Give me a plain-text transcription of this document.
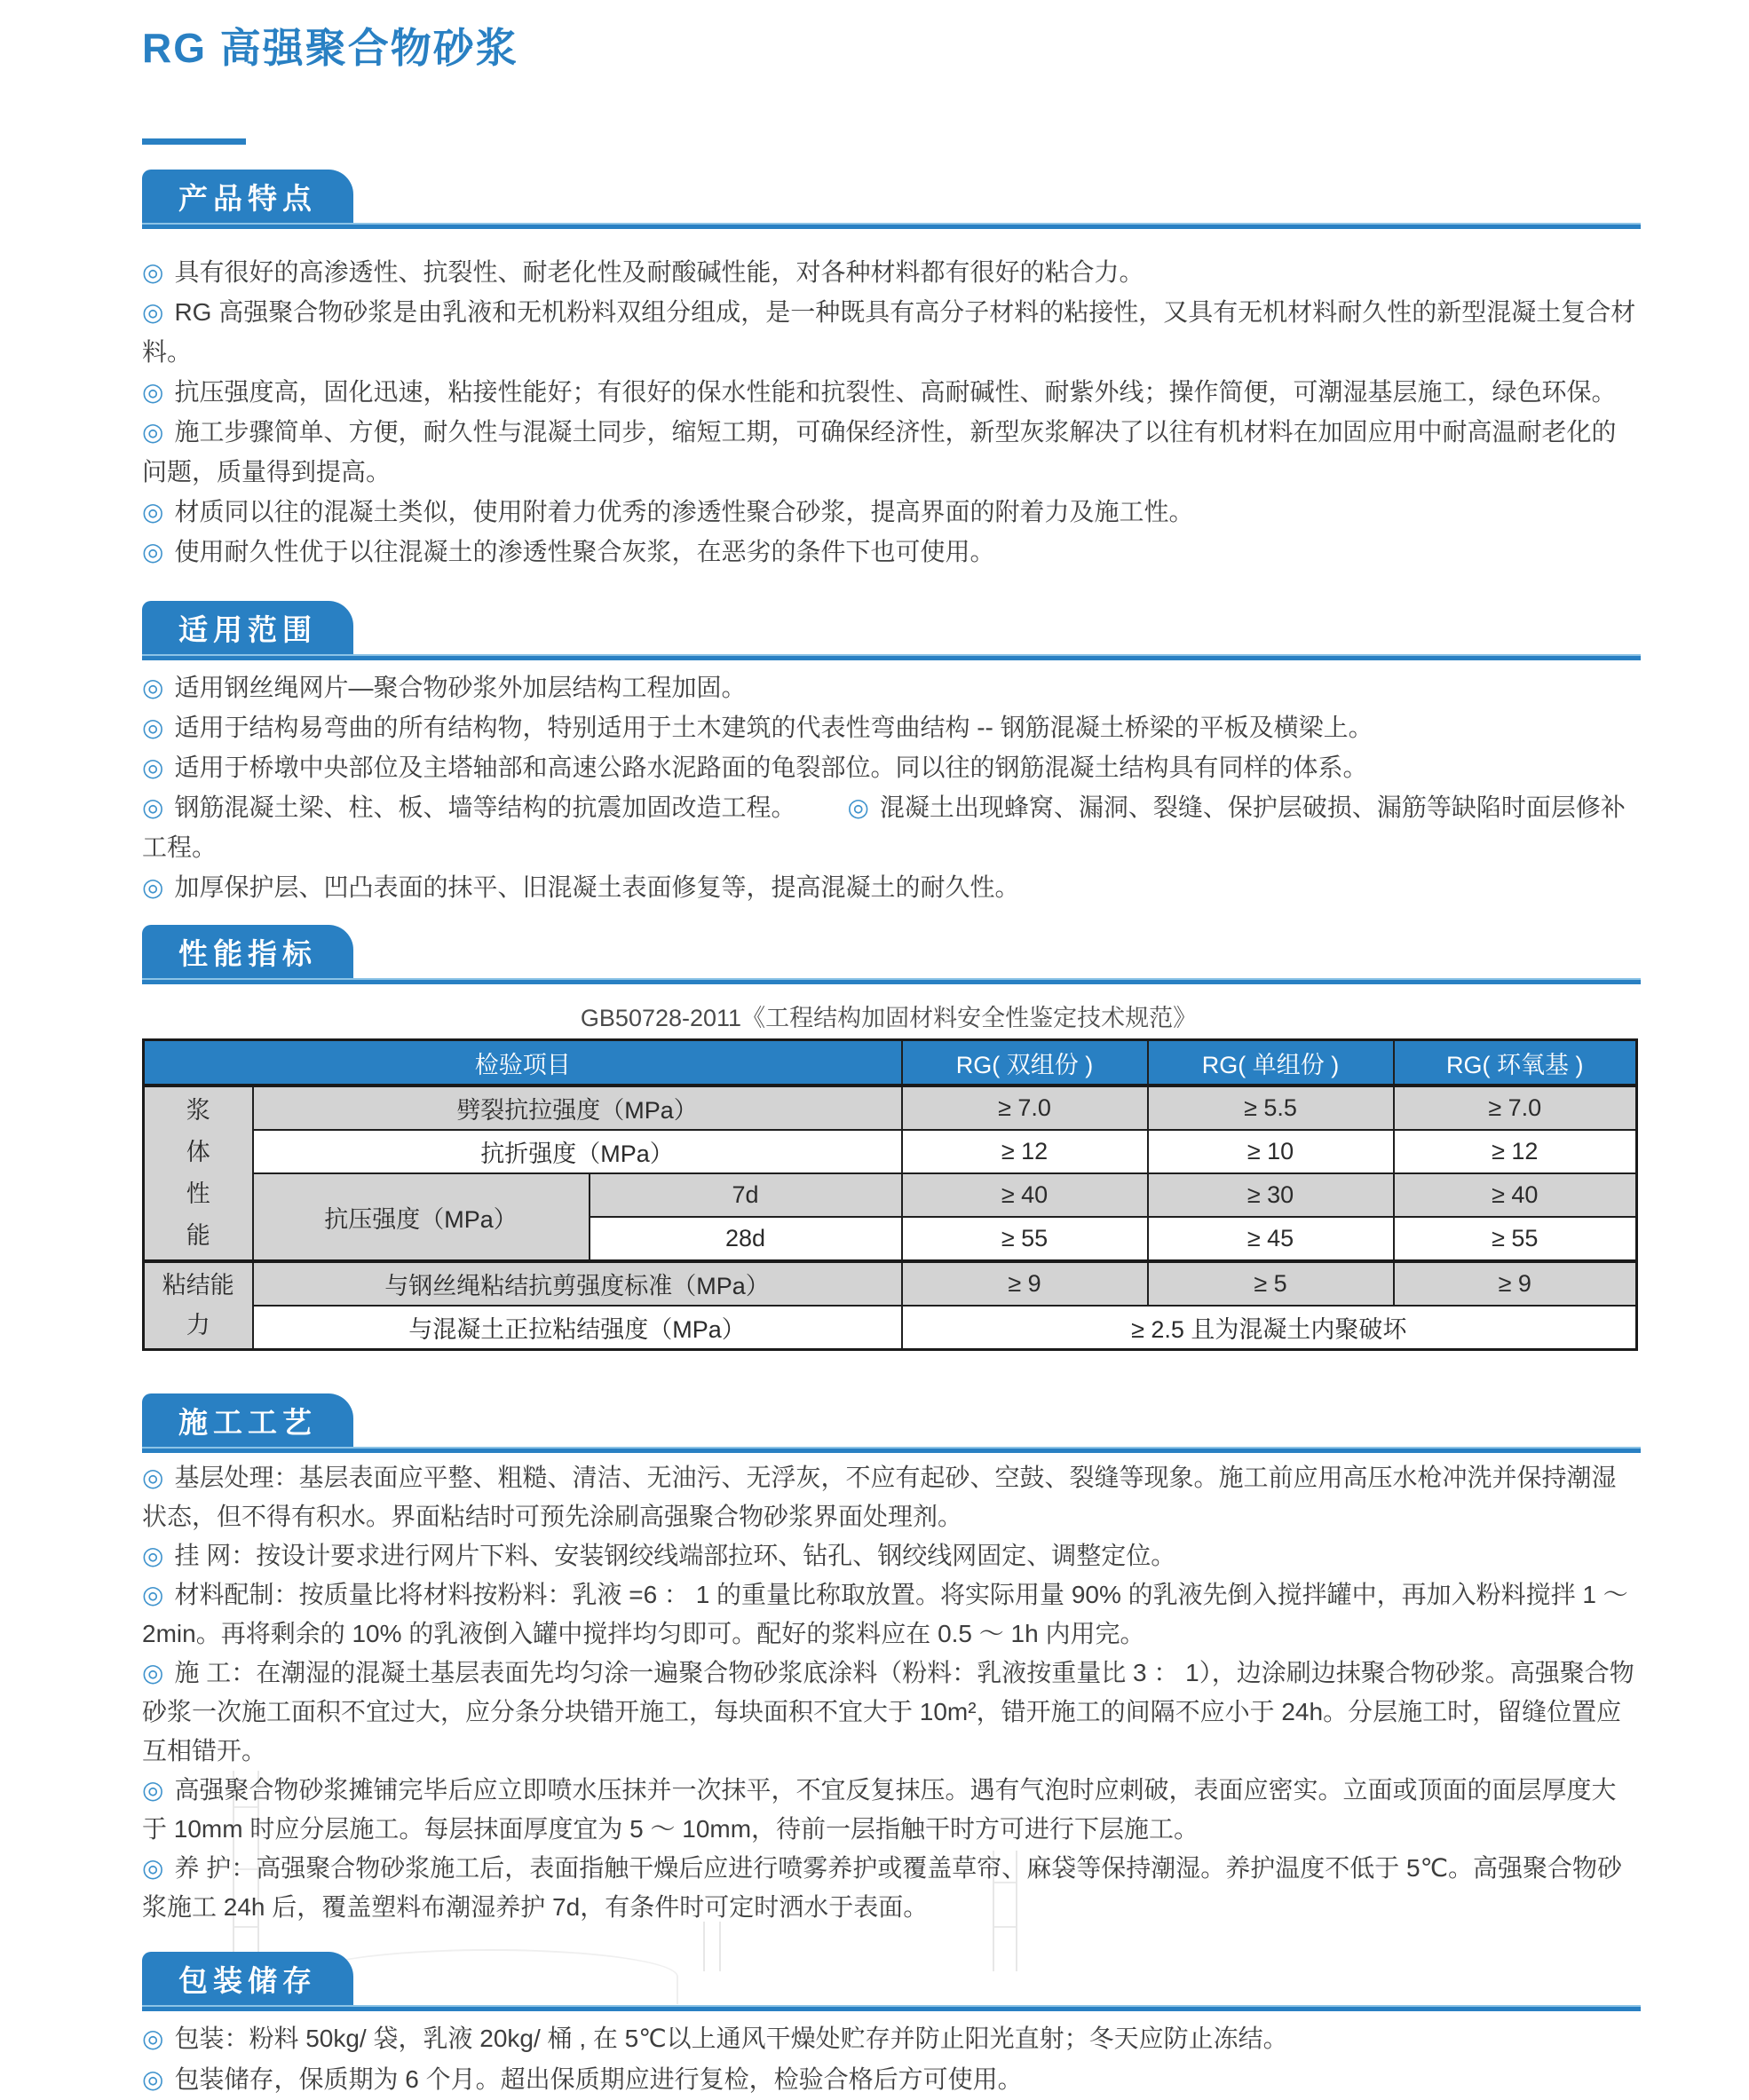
RG 高强聚合物砂浆
产品特点
◎ 具有很好的高渗透性、抗裂性、耐老化性及耐酸碱性能，对各种材料都有很好的粘合力。
◎ RG 高强聚合物砂浆是由乳液和无机粉料双组分组成，是一种既具有高分子材料的粘接性，又具有无机材料耐久性的新型混凝土复合材料。
◎ 抗压强度高，固化迅速，粘接性能好；有很好的保水性能和抗裂性、高耐碱性、耐紫外线；操作简便，可潮湿基层施工，绿色环保。
◎ 施工步骤简单、方便，耐久性与混凝土同步，缩短工期，可确保经济性，新型灰浆解决了以往有机材料在加固应用中耐高温耐老化的问题，质量得到提高。
◎ 材质同以往的混凝土类似，使用附着力优秀的渗透性聚合砂浆，提高界面的附着力及施工性。
◎ 使用耐久性优于以往混凝土的渗透性聚合灰浆，在恶劣的条件下也可使用。
适用范围
◎ 适用钢丝绳网片—聚合物砂浆外加层结构工程加固。
◎ 适用于结构易弯曲的所有结构物，特别适用于土木建筑的代表性弯曲结构 -- 钢筋混凝土桥梁的平板及横梁上。
◎ 适用于桥墩中央部位及主塔轴部和高速公路水泥路面的龟裂部位。同以往的钢筋混凝土结构具有同样的体系。
◎ 钢筋混凝土梁、柱、板、墙等结构的抗震加固改造工程。 ◎ 混凝土出现蜂窝、漏洞、裂缝、保护层破损、漏筋等缺陷时面层修补工程。
◎ 加厚保护层、凹凸表面的抹平、旧混凝土表面修复等，提高混凝土的耐久性。
性能指标
GB50728-2011《工程结构加固材料安全性鉴定技术规范》
检验项目			RG( 双组份 )	RG( 单组份 )	RG( 环氧基 )
浆体性能	劈裂抗拉强度（MPa）		≥ 7.0	≥ 5.5	≥ 7.0
	抗折强度（MPa）		≥ 12	≥ 10	≥ 12
	抗压强度（MPa）	7d	≥ 40	≥ 30	≥ 40
		28d	≥ 55	≥ 45	≥ 55
粘结能力	与钢丝绳粘结抗剪强度标准（MPa）		≥ 9	≥ 5	≥ 9
	与混凝土正拉粘结强度（MPa）		≥ 2.5 且为混凝土内聚破坏		
施工工艺
◎ 基层处理：基层表面应平整、粗糙、清洁、无油污、无浮灰，不应有起砂、空鼓、裂缝等现象。施工前应用高压水枪冲洗并保持潮湿状态，但不得有积水。界面粘结时可预先涂刷高强聚合物砂浆界面处理剂。
◎ 挂 网：按设计要求进行网片下料、安装钢绞线端部拉环、钻孔、钢绞线网固定、调整定位。
◎ 材料配制：按质量比将材料按粉料：乳液 =6 ： 1 的重量比称取放置。将实际用量 90% 的乳液先倒入搅拌罐中，再加入粉料搅拌 1 ～ 2min。再将剩余的 10% 的乳液倒入罐中搅拌均匀即可。配好的浆料应在 0.5 ～ 1h 内用完。
◎ 施 工：在潮湿的混凝土基层表面先均匀涂一遍聚合物砂浆底涂料（粉料：乳液按重量比 3 ： 1），边涂刷边抹聚合物砂浆。高强聚合物砂浆一次施工面积不宜过大，应分条分块错开施工，每块面积不宜大于 10m²，错开施工的间隔不应小于 24h。分层施工时，留缝位置应互相错开。
◎ 高强聚合物砂浆摊铺完毕后应立即喷水压抹并一次抹平，不宜反复抹压。遇有气泡时应刺破，表面应密实。立面或顶面的面层厚度大于 10mm 时应分层施工。每层抹面厚度宜为 5 ～ 10mm，待前一层指触干时方可进行下层施工。
◎ 养 护：高强聚合物砂浆施工后，表面指触干燥后应进行喷雾养护或覆盖草帘、麻袋等保持潮湿。养护温度不低于 5℃。高强聚合物砂浆施工 24h 后，覆盖塑料布潮湿养护 7d，有条件时可定时洒水于表面。
包装储存
◎ 包装：粉料 50kg/ 袋，乳液 20kg/ 桶 , 在 5℃以上通风干燥处贮存并防止阳光直射；冬天应防止冻结。
◎ 包装储存，保质期为 6 个月。超出保质期应进行复检，检验合格后方可使用。
